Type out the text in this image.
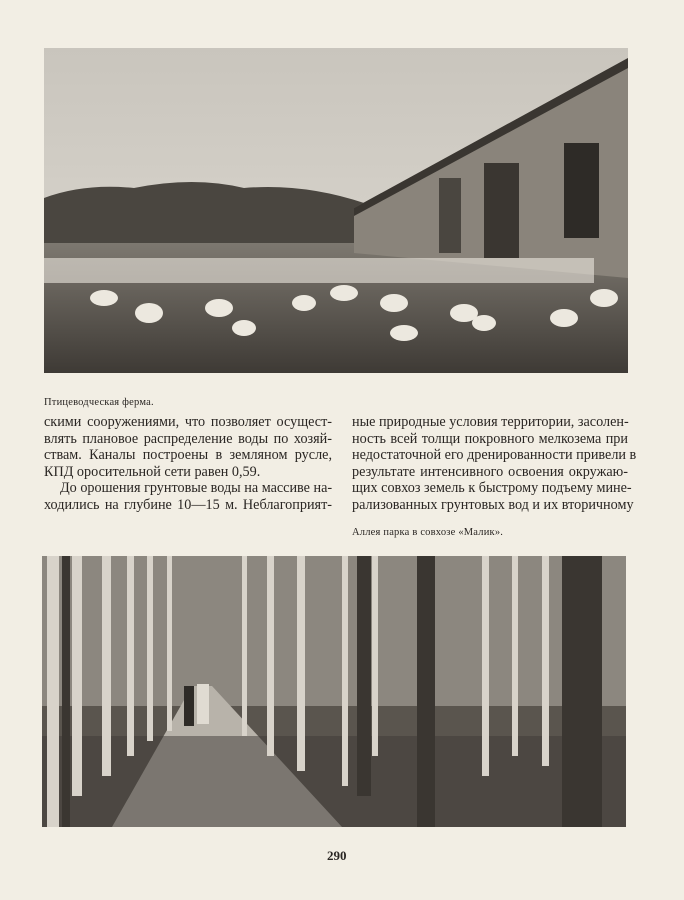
Птицеводческая ферма.
скими сооружениями, что позволяет осущест-
влять плановое распределение воды по хозяй-
ствам. Каналы построены в земляном русле,
КПД оросительной сети равен 0,59.
До орошения грунтовые воды на массиве на-
ходились на глубине 10—15 м. Неблагоприят-
ные природные условия территории, засолен-
ность всей толщи покровного мелкозема при
недостаточной его дренированности привели в
результате интенсивного освоения окружаю-
щих совхоз земель к быстрому подъему мине-
рализованных грунтовых вод и их вторичному
Аллея парка в совхозе «Малик».
290
